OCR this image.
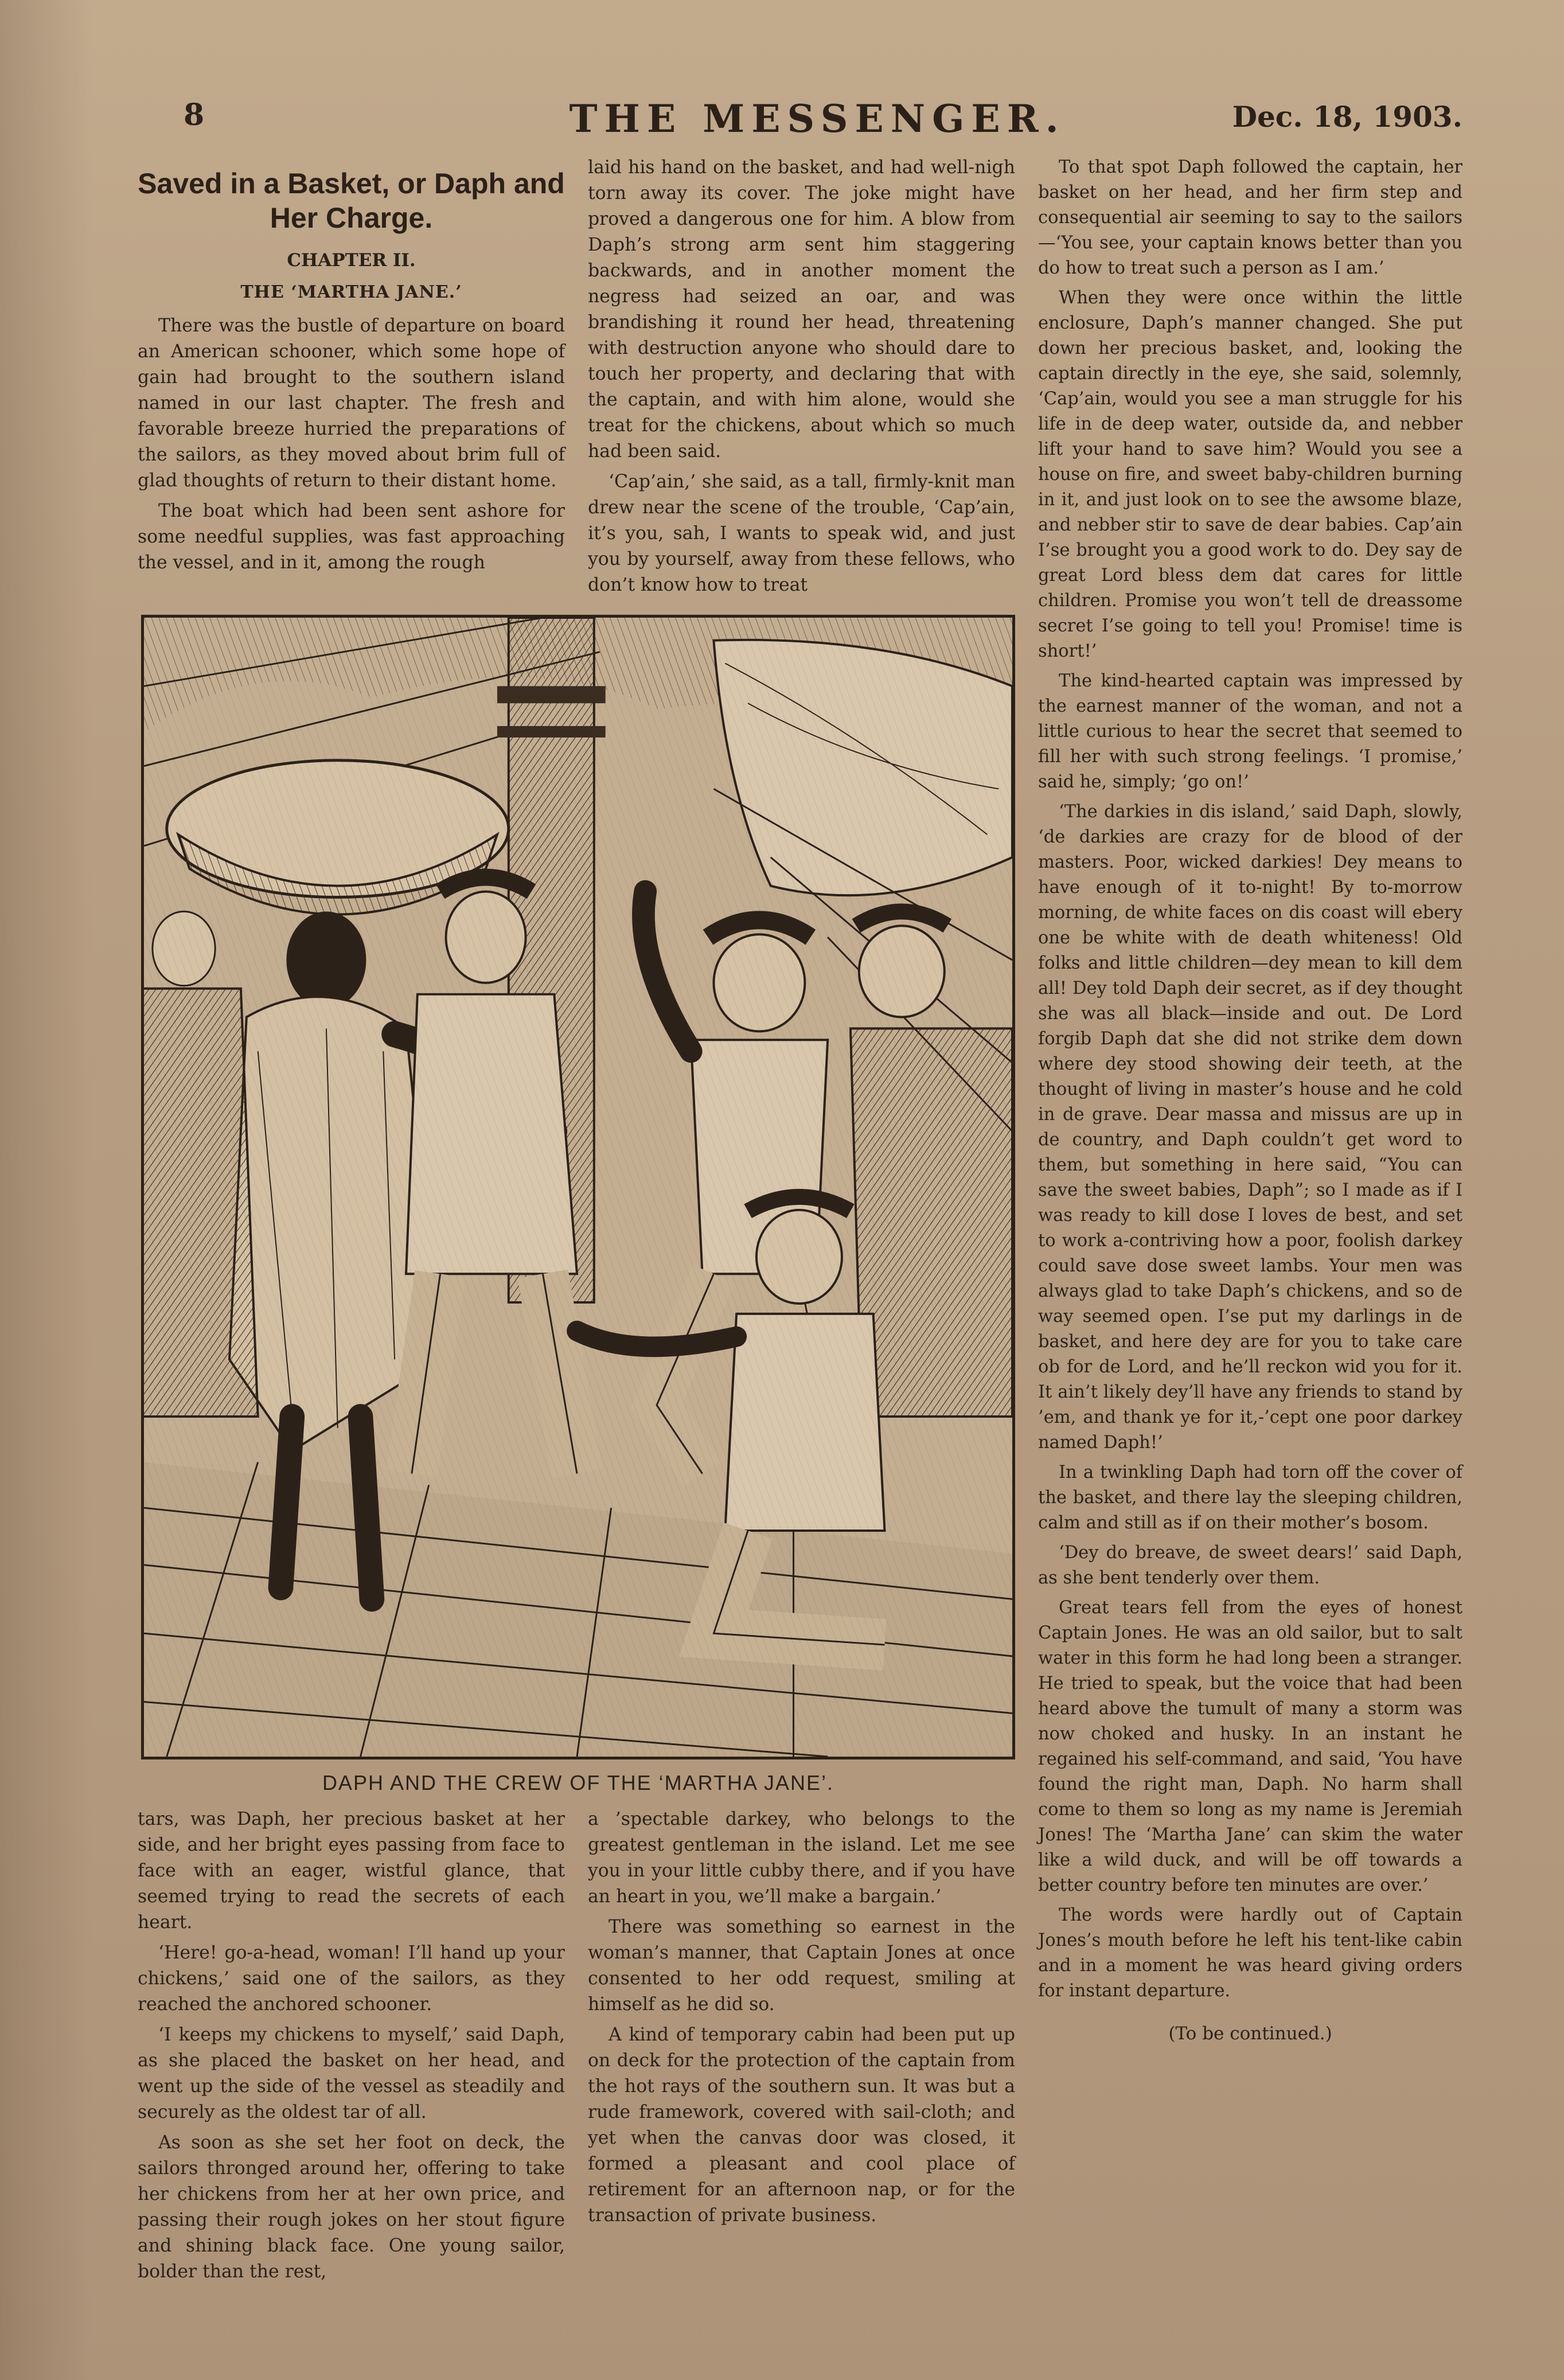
8	THE MESSENGER.	Dec. 18, 1903.
Saved in a Basket, or Daph and Her Charge.
CHAPTER II.
THE ‘MARTHA JANE.’

There was the bustle of departure on board an American schooner, which some hope of gain had brought to the southern island named in our last chapter. The fresh and favorable breeze hurried the preparations of the sailors, as they moved about brim full of glad thoughts of return to their distant home.

The boat which had been sent ashore for some needful supplies, was fast approaching the vessel, and in it, among the rough

laid his hand on the basket, and had well-nigh torn away its cover. The joke might have proved a dangerous one for him. A blow from Daph’s strong arm sent him staggering backwards, and in another moment the negress had seized an oar, and was brandishing it round her head, threatening with destruction anyone who should dare to touch her property, and declaring that with the captain, and with him alone, would she treat for the chickens, about which so much had been said.

‘Cap’ain,’ she said, as a tall, firmly-knit man drew near the scene of the trouble, ‘Cap’ain, it’s you, sah, I wants to speak wid, and just you by yourself, away from these fellows, who don’t know how to treat

DAPH AND THE CREW OF THE ‘MARTHA JANE’.

tars, was Daph, her precious basket at her side, and her bright eyes passing from face to face with an eager, wistful glance, that seemed trying to read the secrets of each heart.

‘Here! go-a-head, woman! I’ll hand up your chickens,’ said one of the sailors, as they reached the anchored schooner.

‘I keeps my chickens to myself,’ said Daph, as she placed the basket on her head, and went up the side of the vessel as steadily and securely as the oldest tar of all.

As soon as she set her foot on deck, the sailors thronged around her, offering to take her chickens from her at her own price, and passing their rough jokes on her stout figure and shining black face. One young sailor, bolder than the rest,

a ’spectable darkey, who belongs to the greatest gentleman in the island. Let me see you in your little cubby there, and if you have an heart in you, we’ll make a bargain.’

There was something so earnest in the woman’s manner, that Captain Jones at once consented to her odd request, smiling at himself as he did so.

A kind of temporary cabin had been put up on deck for the protection of the captain from the hot rays of the southern sun. It was but a rude framework, covered with sail-cloth; and yet when the canvas door was closed, it formed a pleasant and cool place of retirement for an afternoon nap, or for the transaction of private business.

To that spot Daph followed the captain, her basket on her head, and her firm step and consequential air seeming to say to the sailors—‘You see, your captain knows better than you do how to treat such a person as I am.’

When they were once within the little enclosure, Daph’s manner changed. She put down her precious basket, and, looking the captain directly in the eye, she said, solemnly, ‘Cap’ain, would you see a man struggle for his life in de deep water, outside da, and nebber lift your hand to save him? Would you see a house on fire, and sweet baby-children burning in it, and just look on to see the awsome blaze, and nebber stir to save de dear babies. Cap’ain I’se brought you a good work to do. Dey say de great Lord bless dem dat cares for little children. Promise you won’t tell de dreassome secret I’se going to tell you! Promise! time is short!’

The kind-hearted captain was impressed by the earnest manner of the woman, and not a little curious to hear the secret that seemed to fill her with such strong feelings. ‘I promise,’ said he, simply; ‘go on!’

‘The darkies in dis island,’ said Daph, slowly, ‘de darkies are crazy for de blood of der masters. Poor, wicked darkies! Dey means to have enough of it to-night! By to-morrow morning, de white faces on dis coast will ebery one be white with de death whiteness! Old folks and little children—dey mean to kill dem all! Dey told Daph deir secret, as if dey thought she was all black—inside and out. De Lord forgib Daph dat she did not strike dem down where dey stood showing deir teeth, at the thought of living in master’s house and he cold in de grave. Dear massa and missus are up in de country, and Daph couldn’t get word to them, but something in here said, “You can save the sweet babies, Daph”; so I made as if I was ready to kill dose I loves de best, and set to work a-contriving how a poor, foolish darkey could save dose sweet lambs. Your men was always glad to take Daph’s chickens, and so de way seemed open. I’se put my darlings in de basket, and here dey are for you to take care ob for de Lord, and he’ll reckon wid you for it. It ain’t likely dey’ll have any friends to stand by ’em, and thank ye for it,-’cept one poor darkey named Daph!’

In a twinkling Daph had torn off the cover of the basket, and there lay the sleeping children, calm and still as if on their mother’s bosom.

‘Dey do breave, de sweet dears!’ said Daph, as she bent tenderly over them.

Great tears fell from the eyes of honest Captain Jones. He was an old sailor, but to salt water in this form he had long been a stranger. He tried to speak, but the voice that had been heard above the tumult of many a storm was now choked and husky. In an instant he regained his self-command, and said, ‘You have found the right man, Daph. No harm shall come to them so long as my name is Jeremiah Jones! The ‘Martha Jane’ can skim the water like a wild duck, and will be off towards a better country before ten minutes are over.’

The words were hardly out of Captain Jones’s mouth before he left his tent-like cabin and in a moment he was heard giving orders for instant departure.

(To be continued.)
